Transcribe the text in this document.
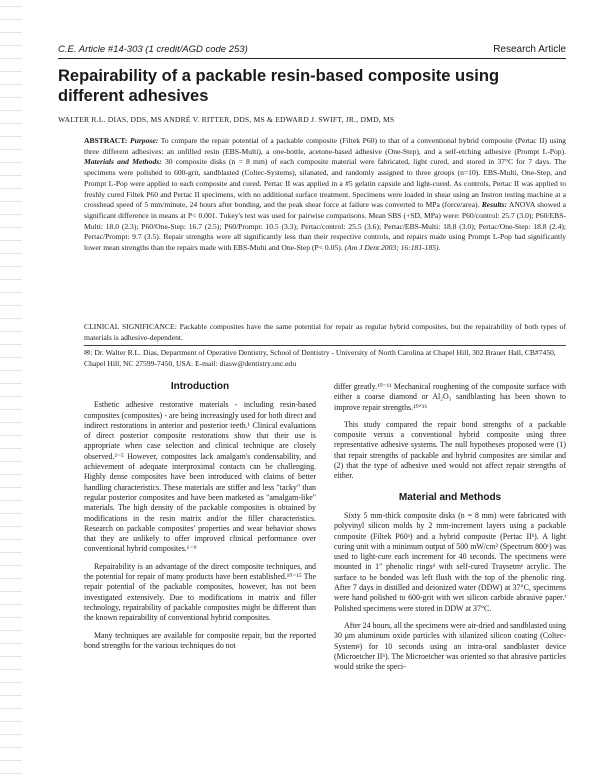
C.E. Article #14-303 (1 credit/AGD code 253)	Research Article
Repairability of a packable resin-based composite using different adhesives
WALTER R.L. DIAS, DDS, MS ANDRÉ V. RITTER, DDS, MS & EDWARD J. SWIFT, JR., DMD, MS
ABSTRACT: Purpose: To compare the repair potential of a packable composite (Filtek P60) to that of a conventional hybrid composite (Pertac II) using three different adhesives: an unfilled resin (EBS-Multi), a one-bottle, acetone-based adhesive (One-Step), and a self-etching adhesive (Prompt L-Pop). Materials and Methods: 30 composite disks (n = 8 mm) of each composite material were fabricated, light cured, and stored in 37°C for 7 days. The specimens were polished to 600-grit, sandblasted (Coltec-Systems), silanated, and randomly assigned to three groups (n=10). EBS-Multi, One-Step, and Prompt L-Pop were applied to each composite and cured. Pertac II was applied in a #5 gelatin capsule and light-cured. As controls, Pertac II was applied to freshly cured Filtek P60 and Pertac II specimens, with no additional surface treatment. Specimens were loaded in shear using an Instron testing machine at a crosshead speed of 5 mm/minute, 24 hours after bonding, and the peak shear force at failure was converted to MPa (force/area). Results: ANOVA showed a significant difference in means at P< 0.001. Tukey's test was used for pairwise comparisons. Mean SBS (+SD, MPa) were: P60/control: 25.7 (3.0); P60/EBS-Multi: 18.0 (2.3); P60/One-Step: 16.7 (2.5); P60/Prompt: 10.5 (3.3); Pertac/control: 25.5 (3.6); Pertac/EBS-Multi: 18.8 (3.0); Pertac/One-Step: 18.8 (2.4); Pertac/Prompt: 9.7 (3.5). Repair strengths were all significantly less than their respective controls, and repairs made using Prompt L-Pop had significantly lower mean strengths than the repairs made with EBS-Multi and One-Step (P< 0.05). (Am J Dent 2003; 16:181-185).
CLINICAL SIGNIFICANCE: Packable composites have the same potential for repair as regular hybrid composites, but the repairability of both types of materials is adhesive-dependent.
✉: Dr. Walter R.L. Dias, Department of Operative Dentistry, School of Dentistry - University of North Carolina at Chapel Hill, 302 Brauer Hall, CB#7450, Chapel Hill, NC 27599-7450, USA. E-mail: diasw@dentistry.unc.edu
Introduction

Esthetic adhesive restorative materials - including resin-based composites (composites) - are being increasingly used for both direct and indirect restorations in anterior and posterior teeth.¹ Clinical evaluations of direct posterior composite restorations show that their use is appropriate when case selection and clinical technique are closely observed.²⁻⁵ However, composites lack amalgam's condensability, and achievement of adequate interproximal contacts can be challenging. Highly dense composites have been introduced with claims of better handling characteristics. These materials are stiffer and less "tacky" than regular posterior composites and have been marketed as "amalgam-like" materials. The high density of the packable composites is obtained by modifications in the resin matrix and/or the filler characteristics. Research on packable composites' properties and wear behavior shows that they are unlikely to offer improved clinical performance over conventional hybrid composites.⁶⁻⁹

Repairability is an advantage of the direct composite techniques, and the potential for repair of many products have been established.¹⁰⁻¹⁵ The repair potential of the packable composites, however, has not been investigated extensively. Due to modifications in matrix and filler technology, repairability of packable composites might be different than the known repairability of conventional hybrid composites.

Many techniques are available for composite repair, but the reported bond strengths for the various techniques do not

differ greatly.¹⁰⁻¹¹ Mechanical roughening of the composite surface with either a coarse diamond or Al₂O₃ sandblasting has been shown to improve repair strengths.¹⁰ᐟ¹⁶

This study compared the repair bond strengths of a packable composite versus a conventional hybrid composite using three representative adhesive systems. The null hypotheses proposed were (1) that repair strengths of packable and hybrid composites are similar and (2) that the type of adhesive used would not affect repair strengths of either.

Material and Methods

Sixty 5 mm-thick composite disks (n = 8 mm) were fabricated with polyvinyl silicon molds by 2 mm-increment layers using a packable composite (Filtek P60ᵃ) and a hybrid composite (Pertac IIᵇ). A light curing unit with a minimum output of 500 mW/cm² (Spectrum 800ᶜ) was used to light-cure each increment for 40 seconds. The specimens were mounted in 1" phenolic ringsᵈ with self-cured Traysetmᵉ acrylic. The surface to be bonded was left flush with the top of the phenolic ring. After 7 days in distilled and deionized water (DDW) at 37°C, specimens were hand polished to 600-grit with wet silicon carbide abrasive paper.ᶠ Polished specimens were stored in DDW at 37°C.

After 24 hours, all the specimens were air-dried and sandblasted using 30 μm aluminum oxide particles with silanized silicon coating (Coltec-Systemᵍ) for 10 seconds using an intra-oral sandblaster device (Microetcher IIʰ). The Microetcher was oriented so that abrasive particles would strike the speci-
